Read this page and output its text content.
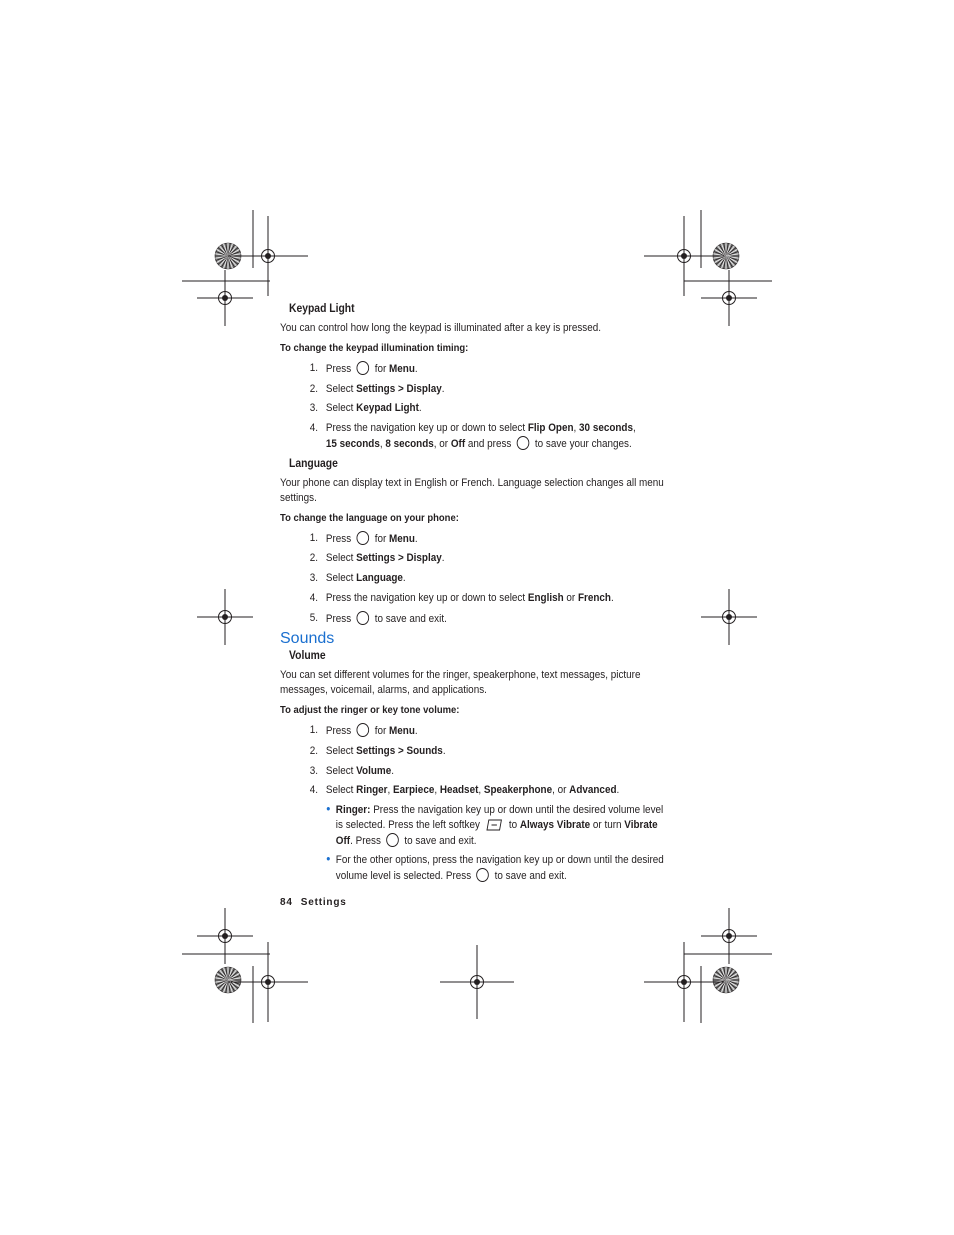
Keypad Light
You can control how long the keypad is illuminated after a key is pressed.
To change the keypad illumination timing:
1. Press for Menu.
2. Select Settings > Display.
3. Select Keypad Light.
4. Press the navigation key up or down to select Flip Open, 30 seconds,
15 seconds, 8 seconds, or Off and press to save your changes.
Language
Your phone can display text in English or French. Language selection changes all menu settings.
To change the language on your phone:
1. Press for Menu.
2. Select Settings > Display.
3. Select Language.
4. Press the navigation key up or down to select English or French.
5. Press to save and exit.
Sounds
Volume
You can set different volumes for the ringer, speakerphone, text messages, picture messages, voicemail, alarms, and applications.
To adjust the ringer or key tone volume:
1. Press for Menu.
2. Select Settings > Sounds.
3. Select Volume.
4. Select Ringer, Earpiece, Headset, Speakerphone, or Advanced.
• Ringer: Press the navigation key up or down until the desired volume level is selected. Press the left softkey	to Always Vibrate or turn Vibrate Off. Press to save and exit.
• For the other options, press the navigation key up or down until the desired volume level is selected. Press to save and exit.
84 Settings
